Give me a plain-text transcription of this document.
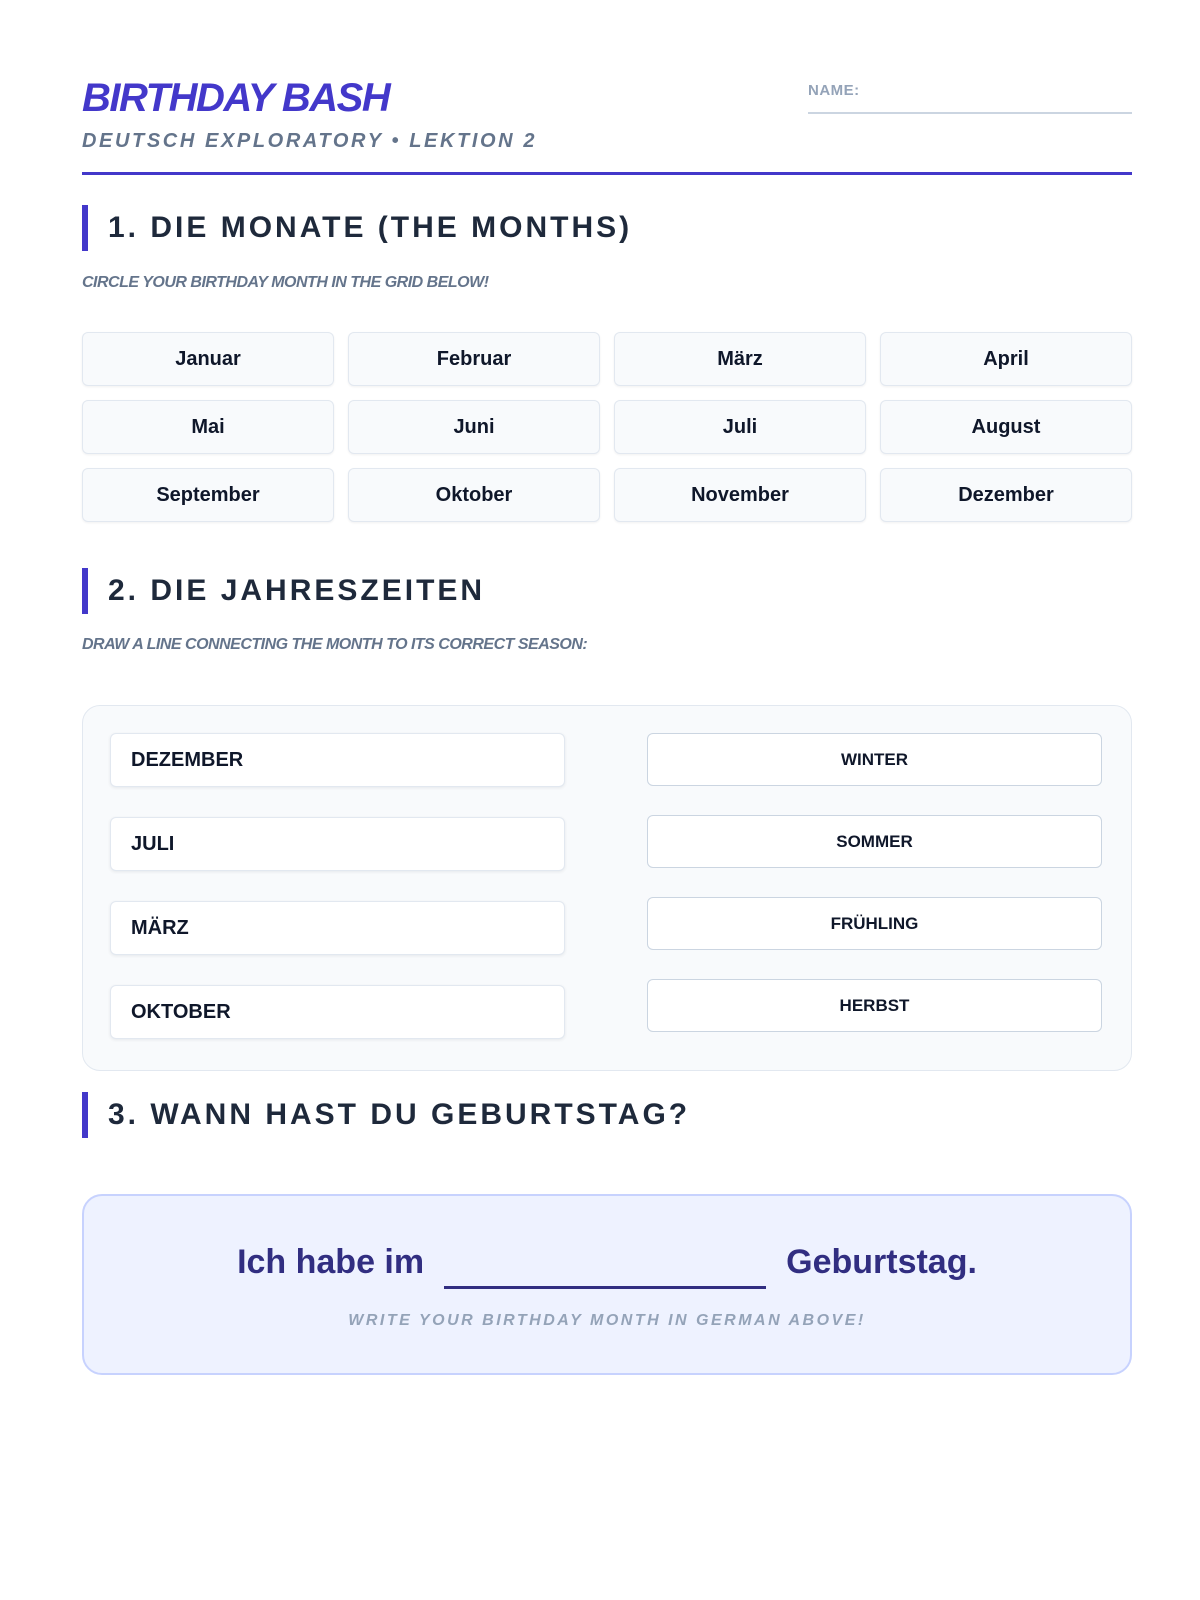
BIRTHDAY BASH
DEUTSCH EXPLORATORY • LEKTION 2
NAME:
1. DIE MONATE (THE MONTHS)
CIRCLE YOUR BIRTHDAY MONTH IN THE GRID BELOW!
Januar	Februar	März	April
Mai	Juni	Juli	August
September	Oktober	November	Dezember
2. DIE JAHRESZEITEN
DRAW A LINE CONNECTING THE MONTH TO ITS CORRECT SEASON:
DEZEMBER
JULI
MÄRZ
OKTOBER
WINTER
SOMMER
FRÜHLING
HERBST
3. WANN HAST DU GEBURTSTAG?
Ich habe im	Geburtstag.
WRITE YOUR BIRTHDAY MONTH IN GERMAN ABOVE!
